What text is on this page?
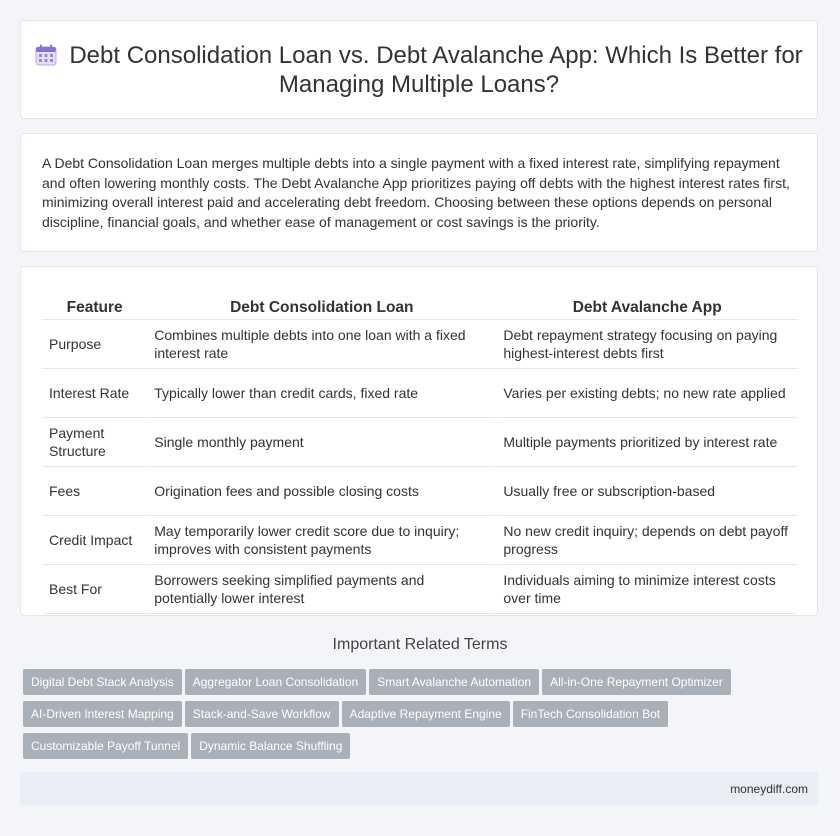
Debt Consolidation Loan vs. Debt Avalanche App: Which Is Better for Managing Multiple Loans?
A Debt Consolidation Loan merges multiple debts into a single payment with a fixed interest rate, simplifying repayment and often lowering monthly costs. The Debt Avalanche App prioritizes paying off debts with the highest interest rates first, minimizing overall interest paid and accelerating debt freedom. Choosing between these options depends on personal discipline, financial goals, and whether ease of management or cost savings is the priority.
Feature	Debt Consolidation Loan	Debt Avalanche App
Purpose	Combines multiple debts into one loan with a fixed interest rate	Debt repayment strategy focusing on paying highest-interest debts first
Interest Rate	Typically lower than credit cards, fixed rate	Varies per existing debts; no new rate applied
Payment Structure	Single monthly payment	Multiple payments prioritized by interest rate
Fees	Origination fees and possible closing costs	Usually free or subscription-based
Credit Impact	May temporarily lower credit score due to inquiry; improves with consistent payments	No new credit inquiry; depends on debt payoff progress
Best For	Borrowers seeking simplified payments and potentially lower interest	Individuals aiming to minimize interest costs over time
Important Related Terms
Digital Debt Stack Analysis Aggregator Loan Consolidation Smart Avalanche Automation All-in-One Repayment Optimizer
AI-Driven Interest Mapping Stack-and-Save Workflow Adaptive Repayment Engine FinTech Consolidation Bot
Customizable Payoff Tunnel Dynamic Balance Shuffling
moneydiff.com
